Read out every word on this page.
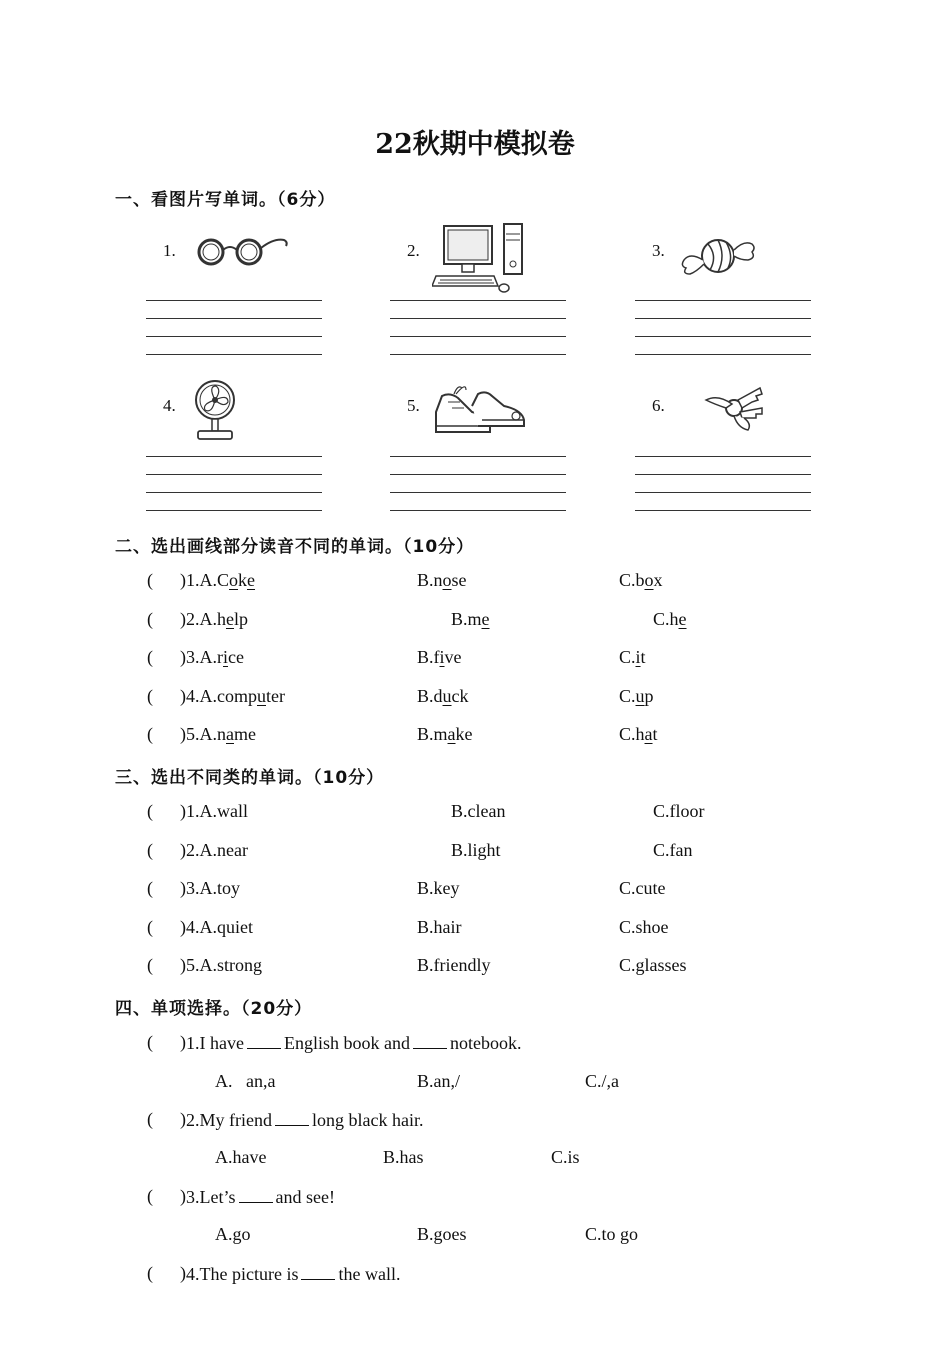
22秋期中模拟卷
一、看图片写单词。（6分）
1.	2.	3.
4.	5.	6.
二、选出画线部分读音不同的单词。（10分）
(      ) 1.A.Coke	B.nose	C.box
(      ) 2.A.help	B.me	C.he
(      ) 3.A.rice	B.five	C.it
(      ) 4.A.computer	B.duck	C.up
(      ) 5.A.name	B.make	C.hat
三、选出不同类的单词。（10分）
(      ) 1.A.wall	B.clean	C.floor
(      ) 2.A.near	B.light	C.fan
(      ) 3.A.toy	B.key	C.cute
(      ) 4.A.quiet	B.hair	C.shoe
(      ) 5.A.strong	B.friendly	C.glasses
四、单项选择。（20分）
(      ) 1.I have English book and notebook.
A.   an,a	B.an,/	C./,a
(      ) 2.My friend long black hair.
A.have	B.has	C.is
(      ) 3.Let’s and see!
A.go	B.goes	C.to go
(      ) 4.The picture is the wall.
